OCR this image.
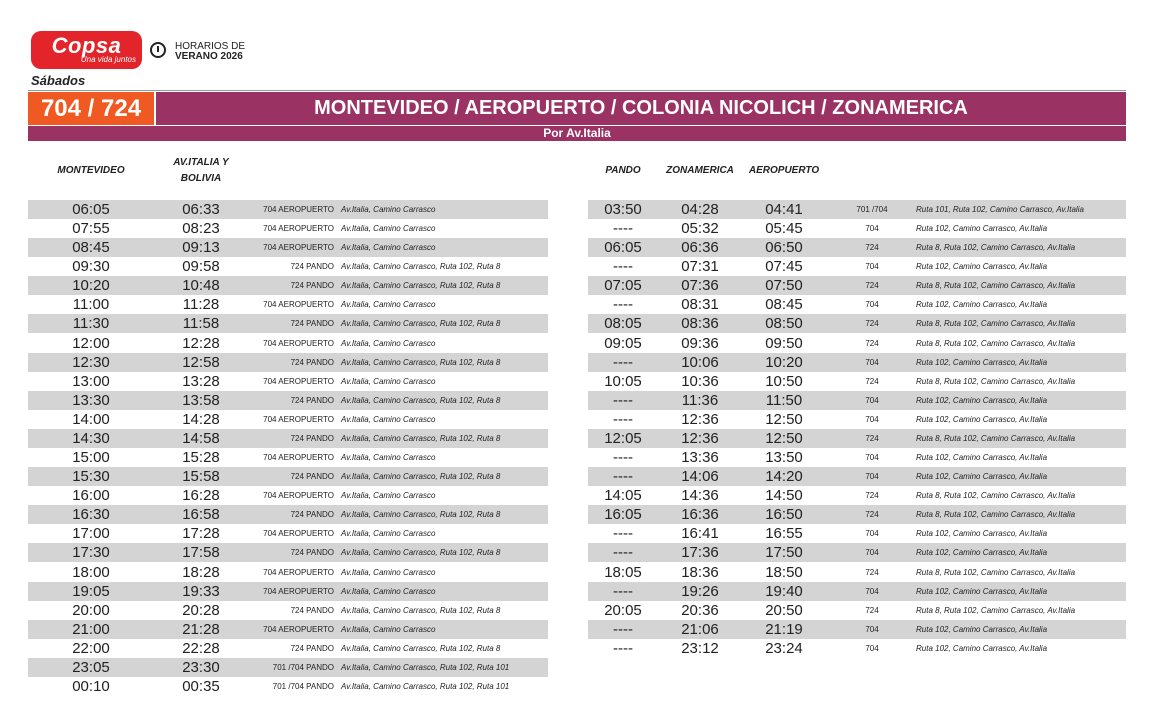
Copsa
Una vida juntos
HORARIOS DE
VERANO 2026
Sábados
704 / 724	MONTEVIDEO / AEROPUERTO / COLONIA NICOLICH / ZONAMERICA
Por Av.Italia
MONTEVIDEO
AV.ITALIA Y BOLIVIA
PANDO	ZONAMERICA	AEROPUERTO
06:05	06:33	704 AEROPUERTO Av.Italia, Camino Carrasco
07:55	08:23	704 AEROPUERTO Av.Italia, Camino Carrasco
08:45	09:13	704 AEROPUERTO Av.Italia, Camino Carrasco
09:30	09:58	724 PANDO Av.Italia, Camino Carrasco, Ruta 102, Ruta 8
10:20	10:48	724 PANDO Av.Italia, Camino Carrasco, Ruta 102, Ruta 8
11:00	11:28	704 AEROPUERTO Av.Italia, Camino Carrasco
11:30	11:58	724 PANDO Av.Italia, Camino Carrasco, Ruta 102, Ruta 8
12:00	12:28	704 AEROPUERTO Av.Italia, Camino Carrasco
12:30	12:58	724 PANDO Av.Italia, Camino Carrasco, Ruta 102, Ruta 8
13:00	13:28	704 AEROPUERTO Av.Italia, Camino Carrasco
13:30	13:58	724 PANDO Av.Italia, Camino Carrasco, Ruta 102, Ruta 8
14:00	14:28	704 AEROPUERTO Av.Italia, Camino Carrasco
14:30	14:58	724 PANDO Av.Italia, Camino Carrasco, Ruta 102, Ruta 8
15:00	15:28	704 AEROPUERTO Av.Italia, Camino Carrasco
15:30	15:58	724 PANDO Av.Italia, Camino Carrasco, Ruta 102, Ruta 8
16:00	16:28	704 AEROPUERTO Av.Italia, Camino Carrasco
16:30	16:58	724 PANDO Av.Italia, Camino Carrasco, Ruta 102, Ruta 8
17:00	17:28	704 AEROPUERTO Av.Italia, Camino Carrasco
17:30	17:58	724 PANDO Av.Italia, Camino Carrasco, Ruta 102, Ruta 8
18:00	18:28	704 AEROPUERTO Av.Italia, Camino Carrasco
19:05	19:33	704 AEROPUERTO Av.Italia, Camino Carrasco
20:00	20:28	724 PANDO Av.Italia, Camino Carrasco, Ruta 102, Ruta 8
21:00	21:28	704 AEROPUERTO Av.Italia, Camino Carrasco
22:00	22:28	724 PANDO Av.Italia, Camino Carrasco, Ruta 102, Ruta 8
23:05	23:30	701 /704 PANDO Av.Italia, Camino Carrasco, Ruta 102, Ruta 101
00:10	00:35	701 /704 PANDO Av.Italia, Camino Carrasco, Ruta 102, Ruta 101
03:50	04:28	04:41	701 /704	Ruta 101, Ruta 102, Camino Carrasco, Av.Italia
----	05:32	05:45	704	Ruta 102, Camino Carrasco, Av.Italia
06:05	06:36	06:50	724	Ruta 8, Ruta 102, Camino Carrasco, Av.Italia
----	07:31	07:45	704	Ruta 102, Camino Carrasco, Av.Italia
07:05	07:36	07:50	724	Ruta 8, Ruta 102, Camino Carrasco, Av.Italia
----	08:31	08:45	704	Ruta 102, Camino Carrasco, Av.Italia
08:05	08:36	08:50	724	Ruta 8, Ruta 102, Camino Carrasco, Av.Italia
09:05	09:36	09:50	724	Ruta 8, Ruta 102, Camino Carrasco, Av.Italia
----	10:06	10:20	704	Ruta 102, Camino Carrasco, Av.Italia
10:05	10:36	10:50	724	Ruta 8, Ruta 102, Camino Carrasco, Av.Italia
----	11:36	11:50	704	Ruta 102, Camino Carrasco, Av.Italia
----	12:36	12:50	704	Ruta 102, Camino Carrasco, Av.Italia
12:05	12:36	12:50	724	Ruta 8, Ruta 102, Camino Carrasco, Av.Italia
----	13:36	13:50	704	Ruta 102, Camino Carrasco, Av.Italia
----	14:06	14:20	704	Ruta 102, Camino Carrasco, Av.Italia
14:05	14:36	14:50	724	Ruta 8, Ruta 102, Camino Carrasco, Av.Italia
16:05	16:36	16:50	724	Ruta 8, Ruta 102, Camino Carrasco, Av.Italia
----	16:41	16:55	704	Ruta 102, Camino Carrasco, Av.Italia
----	17:36	17:50	704	Ruta 102, Camino Carrasco, Av.Italia
18:05	18:36	18:50	724	Ruta 8, Ruta 102, Camino Carrasco, Av.Italia
----	19:26	19:40	704	Ruta 102, Camino Carrasco, Av.Italia
20:05	20:36	20:50	724	Ruta 8, Ruta 102, Camino Carrasco, Av.Italia
----	21:06	21:19	704	Ruta 102, Camino Carrasco, Av.Italia
----	23:12	23:24	704	Ruta 102, Camino Carrasco, Av.Italia
